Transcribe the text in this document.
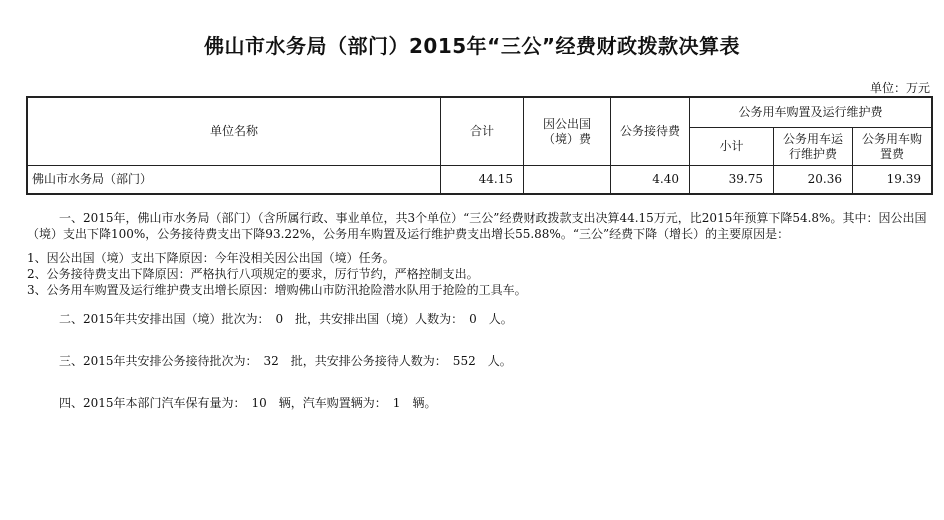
佛山市水务局（部门）2015年“三公”经费财政拨款决算表
单位：万元
单位名称	合计	因公出国（境）费	公务接待费	公务用车购置及运行维护费		
				小计	公务用车运行维护费	公务用车购置费
佛山市水务局（部门）	44.15		4.40	39.75	20.36	19.39

一、2015年，佛山市水务局（部门）（含所属行政、事业单位，共3个单位）“三公”经费财政拨款支出决算44.15万元，比2015年预算下降54.8%。其中：因公出国（境）支出下降100%，公务接待费支出下降93.22%，公务用车购置及运行维护费支出增长55.88%。“三公”经费下降（增长）的主要原因是：

1、因公出国（境）支出下降原因：今年没相关因公出国（境）任务。

2、公务接待费支出下降原因：严格执行八项规定的要求，厉行节约，严格控制支出。

3、公务用车购置及运行维护费支出增长原因：增购佛山市防汛抢险潜水队用于抢险的工具车。

二、2015年共安排出国（境）批次为：　0　批，共安排出国（境）人数为：　0　人。

三、2015年共安排公务接待批次为：　32　批，共安排公务接待人数为：　552　人。

四、2015年本部门汽车保有量为：　10　辆，汽车购置辆为：　1　辆。
